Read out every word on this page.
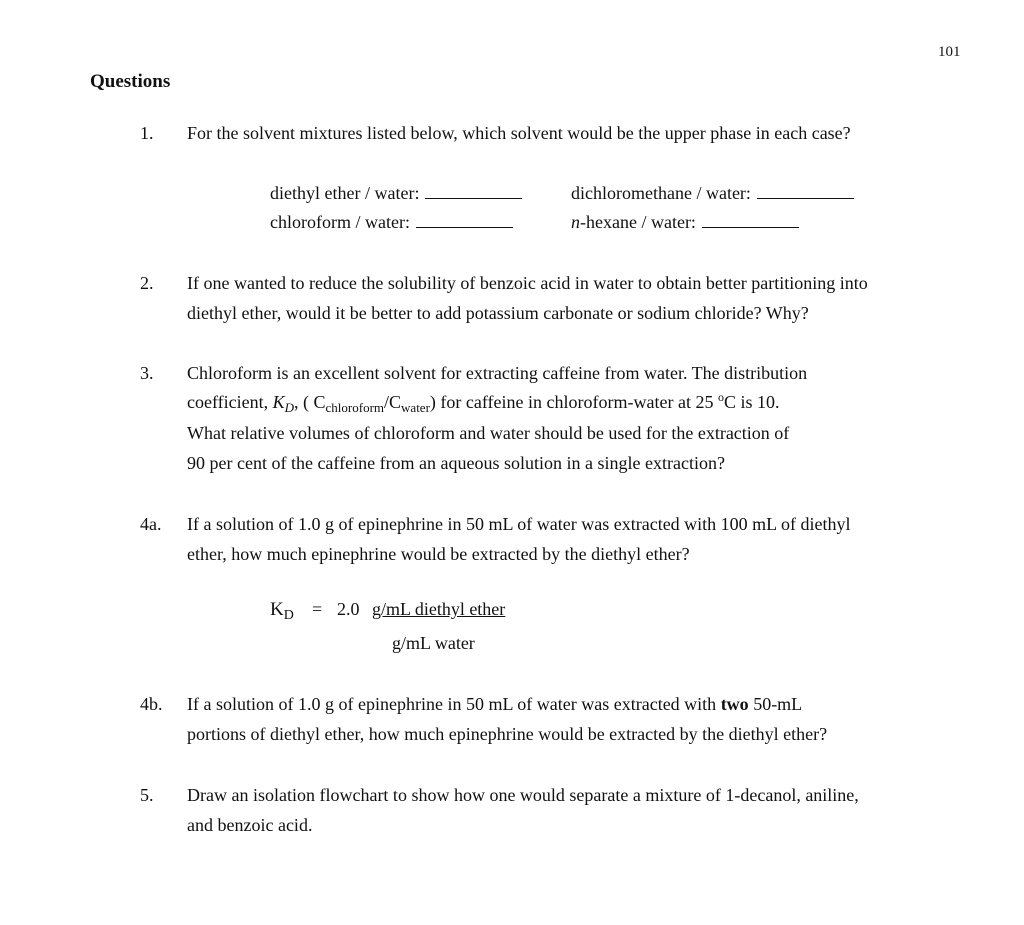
101
Questions
1. For the solvent mixtures listed below, which solvent would be the upper phase in each case?
diethyl ether / water:	dichloromethane / water:
chloroform / water:	n-hexane / water:
2. If one wanted to reduce the solubility of benzoic acid in water to obtain better partitioning into
diethyl ether, would it be better to add potassium carbonate or sodium chloride? Why?
3. Chloroform is an excellent solvent for extracting caffeine from water. The distribution
coefficient, $K_D$, ( $C_{chloroform}/C_{water}$) for caffeine in chloroform-water at 25 $^o$C is 10.
What relative volumes of chloroform and water should be used for the extraction of
90 per cent of the caffeine from an aqueous solution in a single extraction?
4a. If a solution of 1.0 g of epinephrine in 50 mL of water was extracted with 100 mL of diethyl
ether, how much epinephrine would be extracted by the diethyl ether?
$K_D = 2.0$ g/mL diethyl ether
g/mL water
4b. If a solution of 1.0 g of epinephrine in 50 mL of water was extracted with two 50-mL
portions of diethyl ether, how much epinephrine would be extracted by the diethyl ether?
5. Draw an isolation flowchart to show how one would separate a mixture of 1-decanol, aniline,
and benzoic acid.
